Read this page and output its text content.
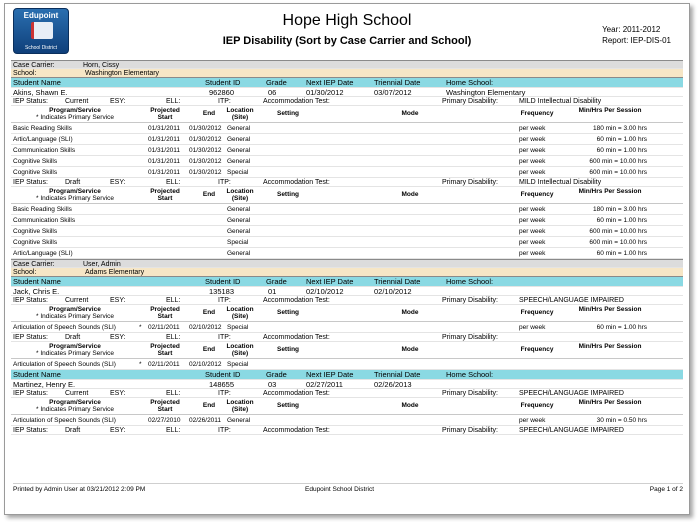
Edupoint
School District
Hope High School
IEP Disability (Sort by Case Carrier and School)
Year: 2011-2012
Report: IEP-DIS-01
Case Carrier:	Horn, Cissy
School:	Washington Elementary
Student Name	Student ID	Grade	Next IEP Date	Triennial Date	Home School:
Akins, Shawn E.	962860	06	01/30/2012	03/07/2012	Washington Elementary
IEP Status: Current	ESY:	ELL:	ITP:	Accommodation Test:	Primary Disability:	MILD Intellectual Disability
Program/Service
* Indicates Primary Service
Projected Start
End	Location (Site)
Setting	Mode	Frequency	Min/Hrs Per Session
Basic Reading Skills	01/31/2011 01/30/2012 General	per week	180 min = 3.00 hrs
Artic/Language (SLI)	01/31/2011 01/30/2012 General	per week	60 min = 1.00 hrs
Communication Skills	01/31/2011 01/30/2012 General	per week	60 min = 1.00 hrs
Cognitive Skills	01/31/2011 01/30/2012 General	per week	600 min = 10.00 hrs
Cognitive Skills	01/31/2011 01/30/2012 Special	per week	600 min = 10.00 hrs
IEP Status: Draft	ESY:	ELL:	ITP:	Accommodation Test:	Primary Disability:	MILD Intellectual Disability
Program/Service
* Indicates Primary Service
Projected Start
End	Location (Site)
Setting	Mode	Frequency	Min/Hrs Per Session
Basic Reading Skills	General	per week	180 min = 3.00 hrs
Communication Skills	General	per week	60 min = 1.00 hrs
Cognitive Skills	General	per week	600 min = 10.00 hrs
Cognitive Skills	Special	per week	600 min = 10.00 hrs
Artic/Language (SLI)	General	per week	60 min = 1.00 hrs
Case Carrier:	User, Admin
School:	Adams Elementary
Student Name	Student ID	Grade	Next IEP Date	Triennial Date	Home School:
Jack, Chris E.	135183	01	02/10/2012	02/10/2012
IEP Status: Current	ESY:	ELL:	ITP:	Accommodation Test:	Primary Disability:	SPEECH/LANGUAGE IMPAIRED
Program/Service
* Indicates Primary Service
Projected Start
End	Location (Site)
Setting	Mode	Frequency	Min/Hrs Per Session
Articulation of Speech Sounds (SLI)	* 02/11/2011 02/10/2012 Special	per week	60 min = 1.00 hrs
IEP Status: Draft	ESY:	ELL:	ITP:	Accommodation Test:	Primary Disability:
Program/Service
* Indicates Primary Service
Projected Start
End	Location (Site)
Setting	Mode	Frequency	Min/Hrs Per Session
Articulation of Speech Sounds (SLI)	* 02/11/2011 02/10/2012 Special
Student Name	Student ID	Grade	Next IEP Date	Triennial Date	Home School:
Martinez, Henry E.	148655	03	02/27/2011	02/26/2013
IEP Status: Current	ESY:	ELL:	ITP:	Accommodation Test:	Primary Disability:	SPEECH/LANGUAGE IMPAIRED
Program/Service
* Indicates Primary Service
Projected Start
End	Location (Site)
Setting	Mode	Frequency	Min/Hrs Per Session
Articulation of Speech Sounds (SLI)	02/27/2010 02/26/2011 General	per week	30 min = 0.50 hrs
IEP Status: Draft	ESY:	ELL:	ITP:	Accommodation Test:	Primary Disability:	SPEECH/LANGUAGE IMPAIRED
Printed by Admin User at 03/21/2012 2:09 PM	Edupoint School District	Page 1 of 2
